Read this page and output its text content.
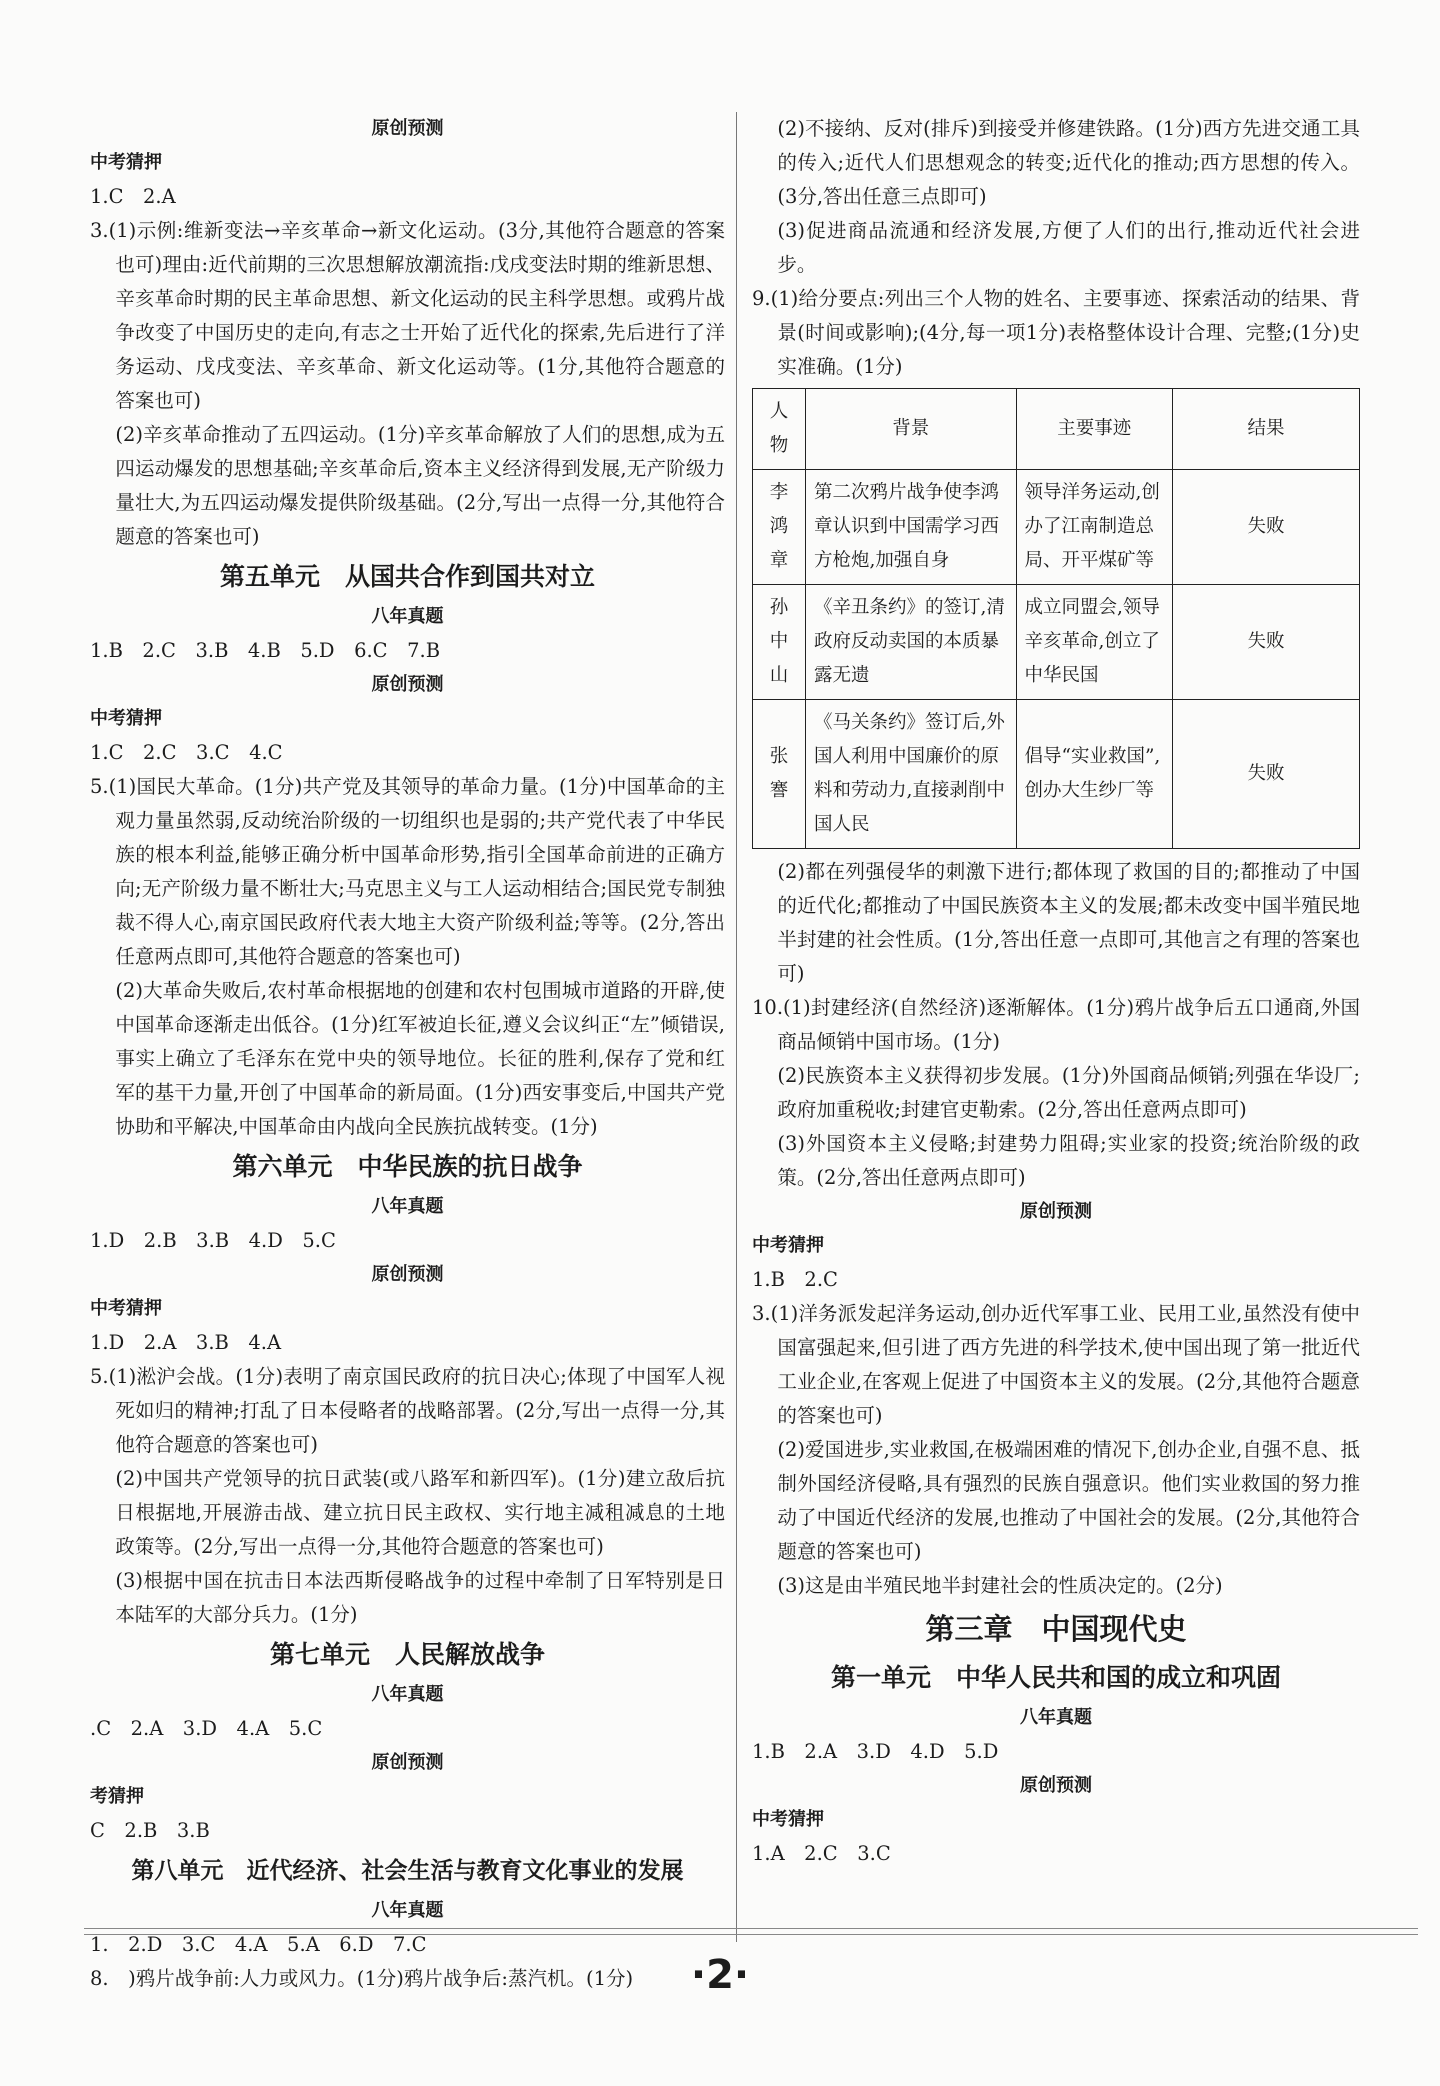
原创预测
中考猜押
1.C　2.A

3.(1)示例:维新变法→辛亥革命→新文化运动。(3分,其他符合题意的答案也可)理由:近代前期的三次思想解放潮流指:戊戌变法时期的维新思想、辛亥革命时期的民主革命思想、新文化运动的民主科学思想。或鸦片战争改变了中国历史的走向,有志之士开始了近代化的探索,先后进行了洋务运动、戊戌变法、辛亥革命、新文化运动等。(1分,其他符合题意的答案也可)

(2)辛亥革命推动了五四运动。(1分)辛亥革命解放了人们的思想,成为五四运动爆发的思想基础;辛亥革命后,资本主义经济得到发展,无产阶级力量壮大,为五四运动爆发提供阶级基础。(2分,写出一点得一分,其他符合题意的答案也可)

第五单元　从国共合作到国共对立
八年真题
1.B　2.C　3.B　4.B　5.D　6.C　7.B
原创预测
中考猜押
1.C　2.C　3.C　4.C

5.(1)国民大革命。(1分)共产党及其领导的革命力量。(1分)中国革命的主观力量虽然弱,反动统治阶级的一切组织也是弱的;共产党代表了中华民族的根本利益,能够正确分析中国革命形势,指引全国革命前进的正确方向;无产阶级力量不断壮大;马克思主义与工人运动相结合;国民党专制独裁不得人心,南京国民政府代表大地主大资产阶级利益;等等。(2分,答出任意两点即可,其他符合题意的答案也可)

(2)大革命失败后,农村革命根据地的创建和农村包围城市道路的开辟,使中国革命逐渐走出低谷。(1分)红军被迫长征,遵义会议纠正“左”倾错误,事实上确立了毛泽东在党中央的领导地位。长征的胜利,保存了党和红军的基干力量,开创了中国革命的新局面。(1分)西安事变后,中国共产党协助和平解决,中国革命由内战向全民族抗战转变。(1分)

第六单元　中华民族的抗日战争
八年真题
1.D　2.B　3.B　4.D　5.C
原创预测
中考猜押
1.D　2.A　3.B　4.A

5.(1)淞沪会战。(1分)表明了南京国民政府的抗日决心;体现了中国军人视死如归的精神;打乱了日本侵略者的战略部署。(2分,写出一点得一分,其他符合题意的答案也可)

(2)中国共产党领导的抗日武装(或八路军和新四军)。(1分)建立敌后抗日根据地,开展游击战、建立抗日民主政权、实行地主减租减息的土地政策等。(2分,写出一点得一分,其他符合题意的答案也可)

(3)根据中国在抗击日本法西斯侵略战争的过程中牵制了日军特别是日本陆军的大部分兵力。(1分)

第七单元　人民解放战争
八年真题
.C　2.A　3.D　4.A　5.C
原创预测
考猜押
C　2.B　3.B
第八单元　近代经济、社会生活与教育文化事业的发展
八年真题
1.　2.D　3.C　4.A　5.A　6.D　7.C
8.　)鸦片战争前:人力或风力。(1分)鸦片战争后:蒸汽机。(1分)

(2)不接纳、反对(排斥)到接受并修建铁路。(1分)西方先进交通工具的传入;近代人们思想观念的转变;近代化的推动;西方思想的传入。(3分,答出任意三点即可)

(3)促进商品流通和经济发展,方便了人们的出行,推动近代社会进步。

9.(1)给分要点:列出三个人物的姓名、主要事迹、探索活动的结果、背景(时间或影响);(4分,每一项1分)表格整体设计合理、完整;(1分)史实准确。(1分)

人物	背景	主要事迹	结果
李鸿章	第二次鸦片战争使李鸿章认识到中国需学习西方枪炮,加强自身	领导洋务运动,创办了江南制造总局、开平煤矿等	失败
孙中山	《辛丑条约》的签订,清政府反动卖国的本质暴露无遗	成立同盟会,领导辛亥革命,创立了中华民国	失败
张謇	《马关条约》签订后,外国人利用中国廉价的原料和劳动力,直接剥削中国人民	倡导“实业救国”,创办大生纱厂等	失败

(2)都在列强侵华的刺激下进行;都体现了救国的目的;都推动了中国的近代化;都推动了中国民族资本主义的发展;都未改变中国半殖民地半封建的社会性质。(1分,答出任意一点即可,其他言之有理的答案也可)

10.(1)封建经济(自然经济)逐渐解体。(1分)鸦片战争后五口通商,外国商品倾销中国市场。(1分)

(2)民族资本主义获得初步发展。(1分)外国商品倾销;列强在华设厂;政府加重税收;封建官吏勒索。(2分,答出任意两点即可)

(3)外国资本主义侵略;封建势力阻碍;实业家的投资;统治阶级的政策。(2分,答出任意两点即可)

原创预测
中考猜押
1.B　2.C

3.(1)洋务派发起洋务运动,创办近代军事工业、民用工业,虽然没有使中国富强起来,但引进了西方先进的科学技术,使中国出现了第一批近代工业企业,在客观上促进了中国资本主义的发展。(2分,其他符合题意的答案也可)

(2)爱国进步,实业救国,在极端困难的情况下,创办企业,自强不息、抵制外国经济侵略,具有强烈的民族自强意识。他们实业救国的努力推动了中国近代经济的发展,也推动了中国社会的发展。(2分,其他符合题意的答案也可)

(3)这是由半殖民地半封建社会的性质决定的。(2分)

第三章　中国现代史
第一单元　中华人民共和国的成立和巩固
八年真题
1.B　2.A　3.D　4.D　5.D
原创预测
中考猜押
1.A　2.C　3.C
·2·
